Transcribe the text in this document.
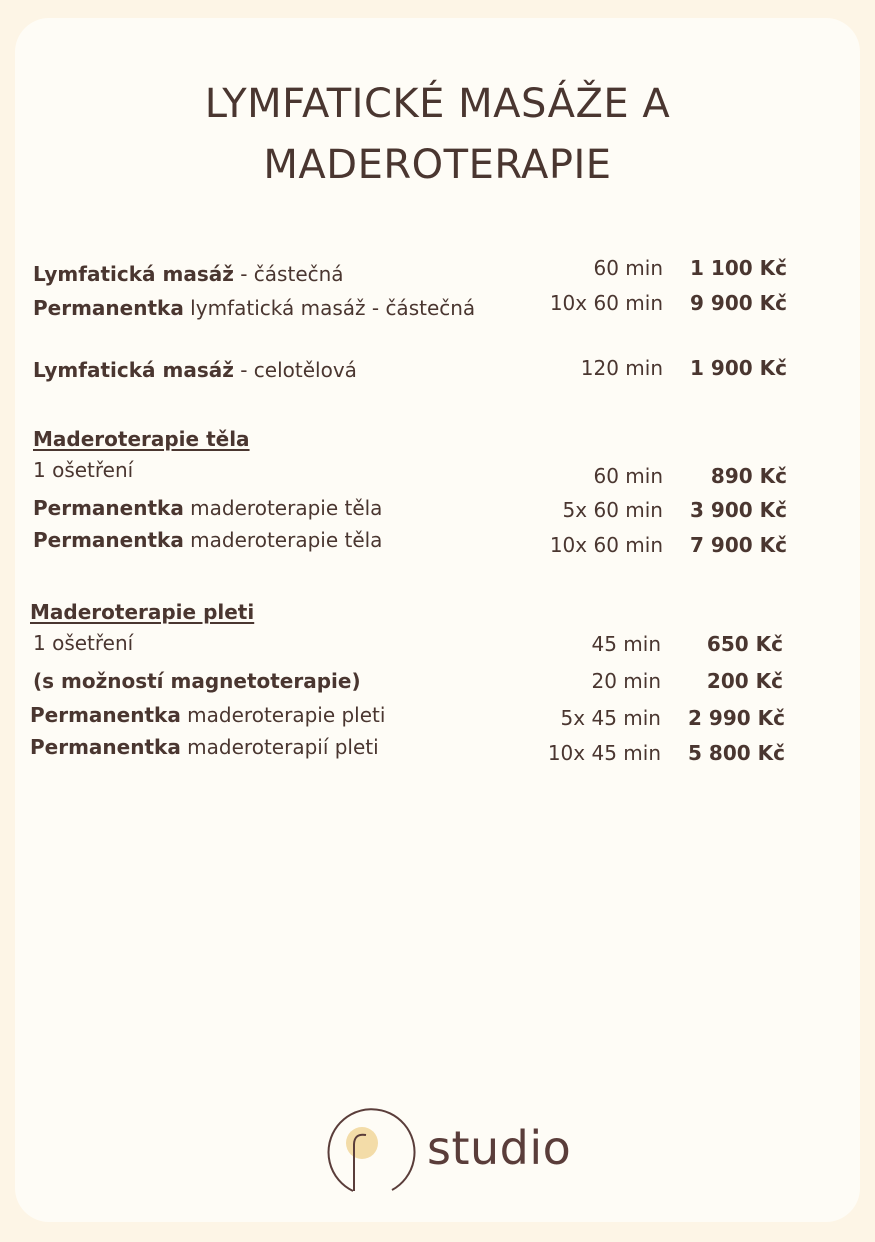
LYMFATICKÉ MASÁŽE A
MADEROTERAPIE
Lymfatická masáž - částečná	60 min 1 100 Kč
Permanentka lymfatická masáž - částečná	10x 60 min 9 900 Kč
Lymfatická masáž - celotělová	120 min 1 900 Kč
Maderoterapie těla
1 ošetření	60 min 890 Kč
Permanentka maderoterapie těla	5x 60 min 3 900 Kč
Permanentka maderoterapie těla	10x 60 min 7 900 Kč
Maderoterapie pleti
1 ošetření	45 min 650 Kč
(s možností magnetoterapie)	20 min 200 Kč
Permanentka maderoterapie pleti	5x 45 min 2 990 Kč
Permanentka maderoterapií pleti	10x 45 min 5 800 Kč
studio
